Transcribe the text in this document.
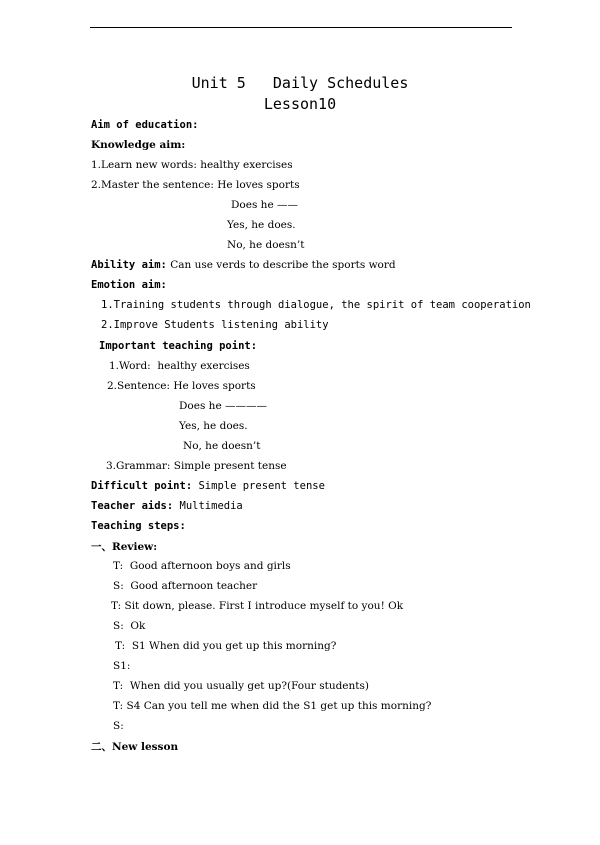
Unit 5   Daily Schedules
Lesson10
Aim of education:
Knowledge aim:
1.Learn new words: healthy exercises
2.Master the sentence: He loves sports
Does he ——
Yes, he does.
No, he doesn’t
Ability aim: Can use verds to describe the sports word
Emotion aim:
1.Training students through dialogue, the spirit of team cooperation
2.Improve Students listening ability
Important teaching point:
1.Word:  healthy exercises
2.Sentence: He loves sports
Does he ————
Yes, he does.
No, he doesn’t
3.Grammar: Simple present tense
Difficult point: Simple present tense
Teacher aids: Multimedia
Teaching steps:
一、Review:
T:  Good afternoon boys and girls
S:  Good afternoon teacher
T: Sit down, please. First I introduce myself to you! Ok
S:  Ok
T:  S1 When did you get up this morning?
S1:
T:  When did you usually get up?(Four students)
T: S4 Can you tell me when did the S1 get up this morning?
S:
二、New lesson
